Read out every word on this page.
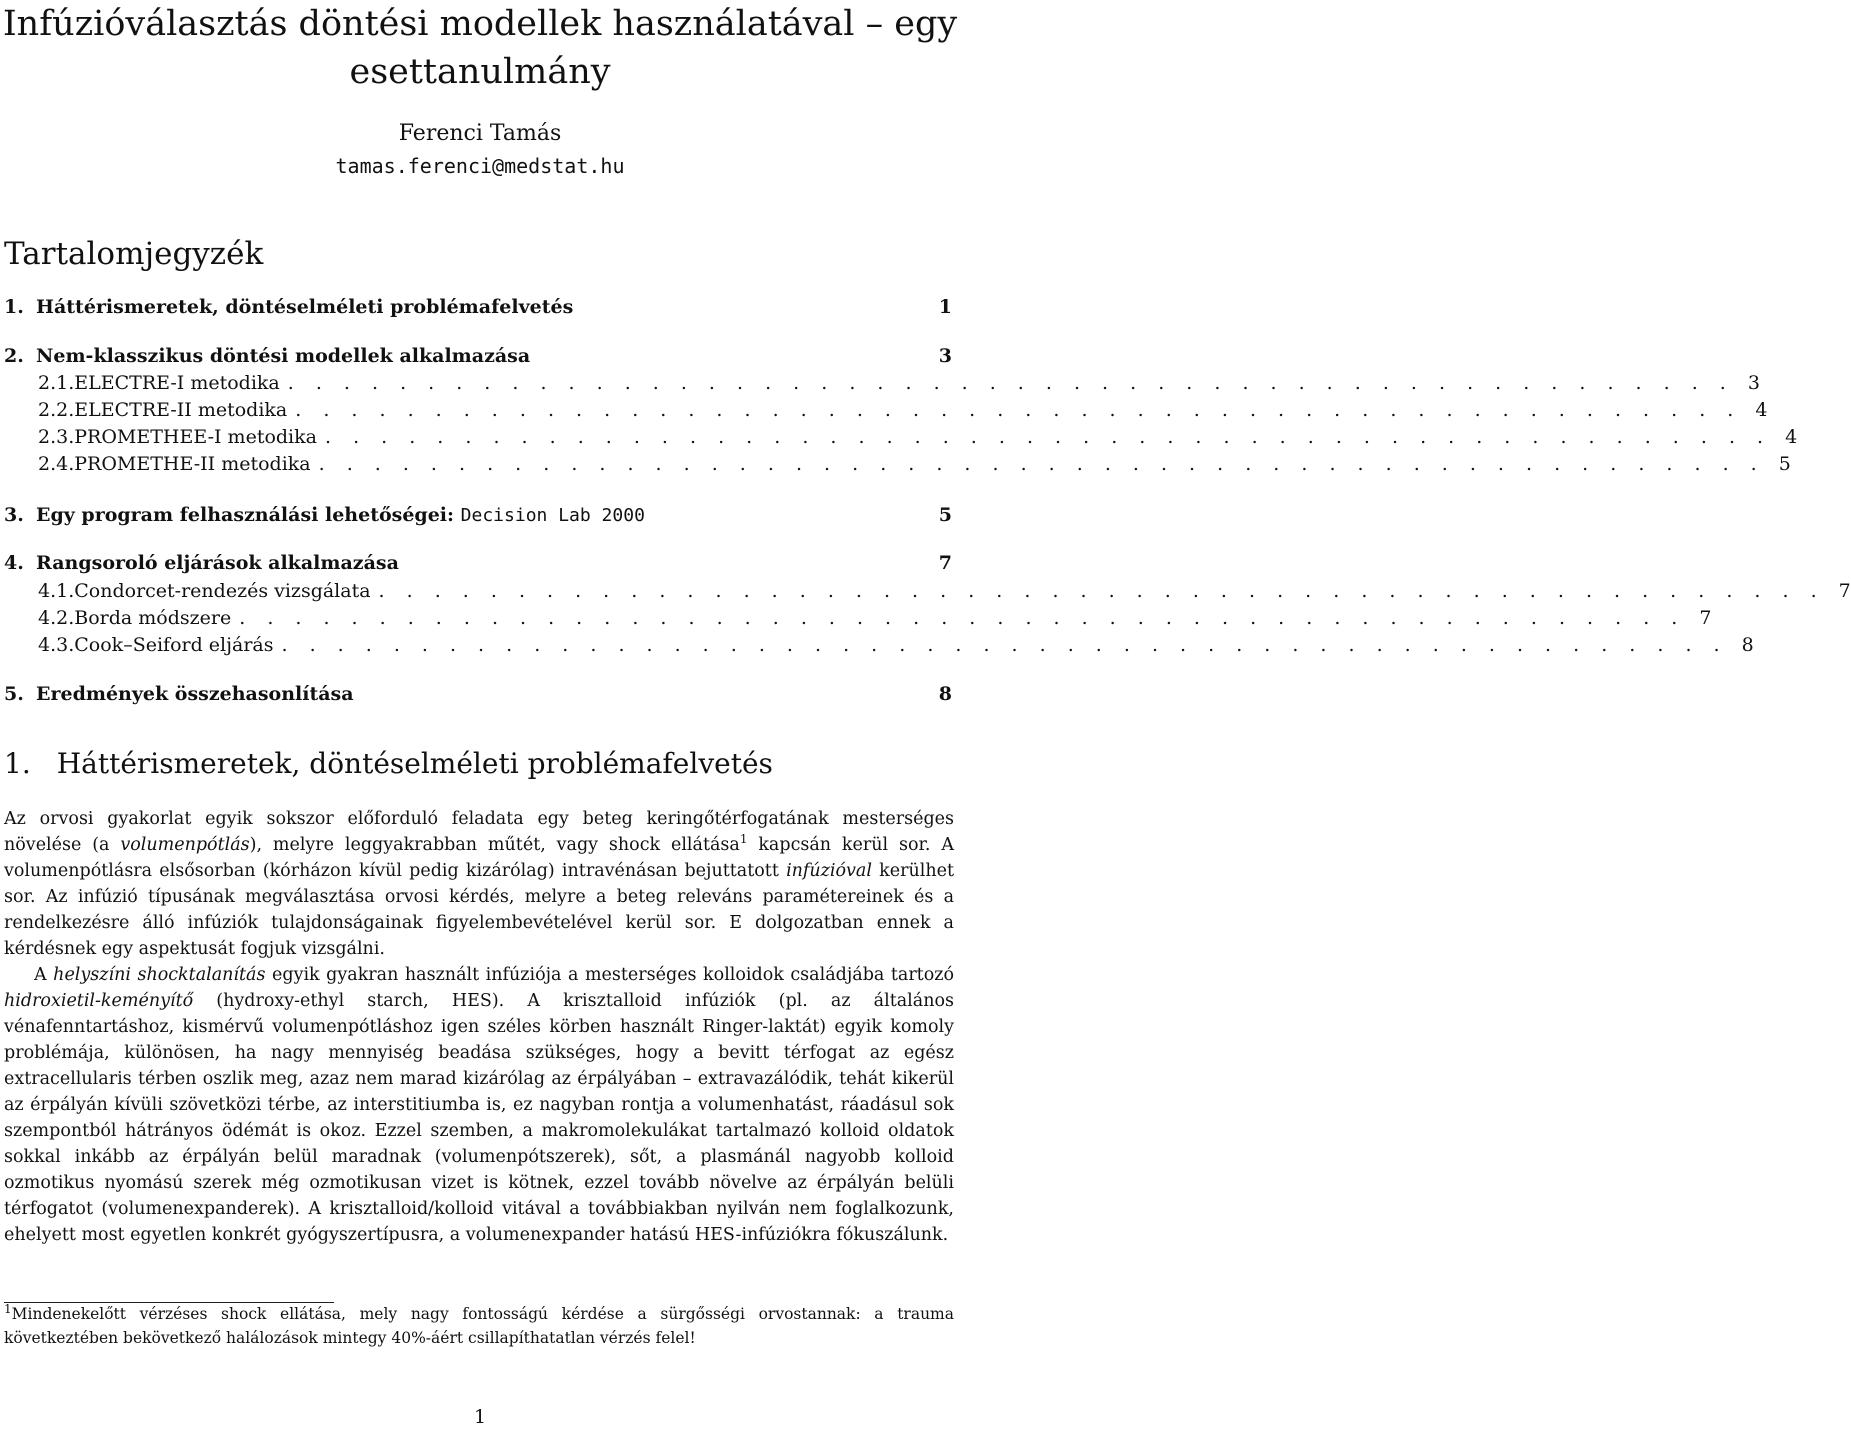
Infúzióválasztás döntési modellek használatával – egy esettanulmány
Ferenci Tamás
tamas.ferenci@medstat.hu
Tartalomjegyzék
1. Háttérismeretek, döntéselméleti problémafelvetés	1
2. Nem-klasszikus döntési modellek alkalmazása	3
2.1. ELECTRE-I metodika . . . . . . . . . . . . . . . . . . . . . . . . . . . . . . . . . . . . . . . . . . . . . . . . . . . . 3
2.2. ELECTRE-II metodika . . . . . . . . . . . . . . . . . . . . . . . . . . . . . . . . . . . . . . . . . . . . . . . . . . . . 4
2.3. PROMETHEE-I metodika . . . . . . . . . . . . . . . . . . . . . . . . . . . . . . . . . . . . . . . . . . . . . . . . . . . . 4
2.4. PROMETHE-II metodika . . . . . . . . . . . . . . . . . . . . . . . . . . . . . . . . . . . . . . . . . . . . . . . . . . . . 5
3. Egy program felhasználási lehetőségei: Decision Lab 2000	5
4. Rangsoroló eljárások alkalmazása	7
4.1. Condorcet-rendezés vizsgálata . . . . . . . . . . . . . . . . . . . . . . . . . . . . . . . . . . . . . . . . . . . . . . . . . . . . 7
4.2. Borda módszere . . . . . . . . . . . . . . . . . . . . . . . . . . . . . . . . . . . . . . . . . . . . . . . . . . . . 7
4.3. Cook–Seiford eljárás . . . . . . . . . . . . . . . . . . . . . . . . . . . . . . . . . . . . . . . . . . . . . . . . . . . . 8
5. Eredmények összehasonlítása	8
1. Háttérismeretek, döntéselméleti problémafelvetés

Az orvosi gyakorlat egyik sokszor előforduló feladata egy beteg keringőtérfogatának mesterséges növelése (a volumenpótlás), melyre leggyakrabban műtét, vagy shock ellátása$^1$ kapcsán kerül sor. A volumenpótlásra elsősorban (kórházon kívül pedig kizárólag) intravénásan bejuttatott infúzióval kerülhet sor. Az infúzió típusának megválasztása orvosi kérdés, melyre a beteg releváns paramétereinek és a rendelkezésre álló infúziók tulajdonságainak figyelembevételével kerül sor. E dolgozatban ennek a kérdésnek egy aspektusát fogjuk vizsgálni.

A helyszíni shocktalanítás egyik gyakran használt infúziója a mesterséges kolloidok családjába tartozó hidroxietil-keményítő (hydroxy-ethyl starch, HES). A krisztalloid infúziók (pl. az általános vénafenntartáshoz, kismérvű volumenpótláshoz igen széles körben használt Ringer-laktát) egyik komoly problémája, különösen, ha nagy mennyiség beadása szükséges, hogy a bevitt térfogat az egész extracellularis térben oszlik meg, azaz nem marad kizárólag az érpályában – extravazálódik, tehát kikerül az érpályán kívüli szövetközi térbe, az interstitiumba is, ez nagyban rontja a volumenhatást, ráadásul sok szempontból hátrányos ödémát is okoz. Ezzel szemben, a makromolekulákat tartalmazó kolloid oldatok sokkal inkább az érpályán belül maradnak (volumenpótszerek), sőt, a plasmánál nagyobb kolloid ozmotikus nyomású szerek még ozmotikusan vizet is kötnek, ezzel tovább növelve az érpályán belüli térfogatot (volumenexpanderek). A krisztalloid/kolloid vitával a továbbiakban nyilván nem foglalkozunk, ehelyett most egyetlen konkrét gyógyszertípusra, a volumenexpander hatású HES-infúziókra fókuszálunk.

$^1$Mindenekelőtt vérzéses shock ellátása, mely nagy fontosságú kérdése a sürgősségi orvostannak: a trauma következtében bekövetkező halálozások mintegy 40%-áért csillapíthatatlan vérzés felel!

1
